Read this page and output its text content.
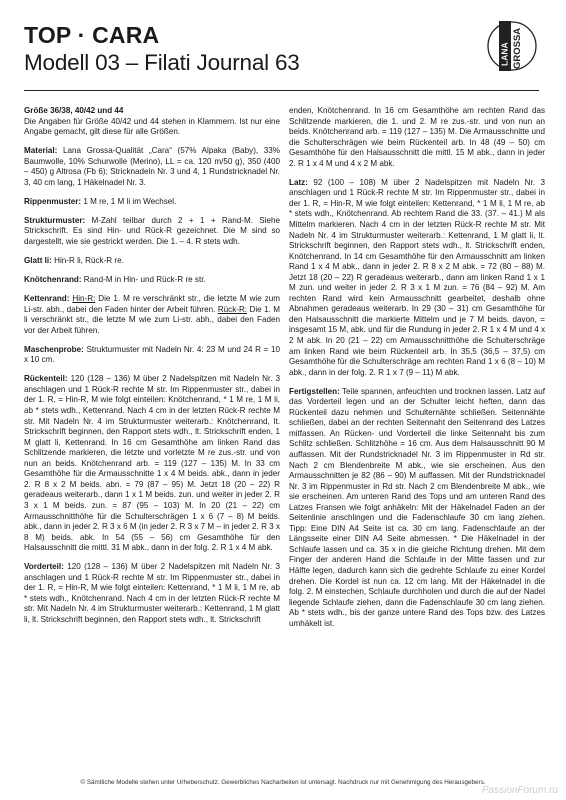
TOP · CARA
Modell 03 – Filati Journal 63	LANA GROSSA

Größe 36/38, 40/42 und 44
Die Angaben für Größe 40/42 und 44 stehen in Klammern. Ist nur eine Angabe gemacht, gilt diese für alle Größen.

Material: Lana Grossa-Qualität „Cara“ (57% Alpaka (Baby), 33% Baumwolle, 10% Schurwolle (Merino), LL = ca. 120 m/50 g), 350 (400 – 450) g Altrosa (Fb 6); Stricknadeln Nr. 3 und 4, 1 Rundstricknadel Nr. 3, 40 cm lang, 1 Häkelnadel Nr. 3.

Rippenmuster: 1 M re, 1 M li im Wechsel.

Strukturmuster: M-Zahl teilbar durch 2 + 1 + Rand-M. Siehe Strickschrift. Es sind Hin- und Rück-R gezeichnet. Die M sind so dargestellt, wie sie gestrickt werden. Die 1. – 4. R stets wdh.

Glatt li: Hin-R li, Rück-R re.

Knötchenrand: Rand-M in Hin- und Rück-R re str.

Kettenrand: Hin-R: Die 1. M re verschränkt str., die letzte M wie zum Li-str. abh., dabei den Faden hinter der Arbeit führen. Rück-R: Die 1. M li verschränkt str., die letzte M wie zum Li-str. abh., dabei den Faden vor der Arbeit führen.

Maschenprobe: Strukturmuster mit Nadeln Nr. 4: 23 M und 24 R = 10 x 10 cm.

Rückenteil: 120 (128 – 136) M über 2 Nadelspitzen mit Nadeln Nr. 3 anschlagen und 1 Rück-R rechte M str. Im Rippenmuster str., dabei in der 1. R, = Hin-R, M wie folgt einteilen: Knötchenrand, * 1 M re, 1 M li, ab * stets wdh., Kettenrand. Nach 4 cm in der letzten Rück-R rechte M str. Mit Nadeln Nr. 4 im Strukturmuster weiterarb.: Knötchenrand, lt. Strickschrift beginnen, den Rapport stets wdh., lt. Strickschrift enden, 1 M glatt li, Kettenrand. In 16 cm Gesamthöhe am linken Rand das Schlitzende markieren, die letzte und vorletzte M re zus.-str. und von nun an beids. Knötchenrand arb. = 119 (127 – 135) M. In 33 cm Gesamthöhe für die Armausschnitte 1 x 4 M beids. abk., dann in jeder 2. R 8 x 2 M beids. abn. = 79 (87 – 95) M. Jetzt 18 (20 – 22) R geradeaus weiterarb., dann 1 x 1 M beids. zun. und weiter in jeder 2. R 3 x 1 M beids. zun. = 87 (95 – 103) M. In 20 (21 – 22) cm Armausschnitthöhe für die Schulterschrägen 1 x 6 (7 – 8) M beids. abk., dann in jeder 2. R 3 x 6 M (in jeder 2. R 3 x 7 M – in jeder 2. R 3 x 8 M) beids. abk. In 54 (55 – 56) cm Gesamthöhe für den Halsausschnitt die mittl. 31 M abk., dann in der folg. 2. R 1 x 4 M abk.

Vorderteil: 120 (128 – 136) M über 2 Nadelspitzen mit Nadeln Nr. 3 anschlagen und 1 Rück-R rechte M str. Im Rippenmuster str., dabei in der 1. R, = Hin-R, M wie folgt einteilen: Kettenrand, * 1 M li, 1 M re, ab * stets wdh., Knötchenrand. Nach 4 cm in der letzten Rück-R rechte M str. Mit Nadeln Nr. 4 im Strukturmuster weiterarb.: Kettenrand, 1 M glatt li, lt. Strickschrift beginnen, den Rapport stets wdh., lt. Strickschrift

enden, Knötchenrand. In 16 cm Gesamthöhe am rechten Rand das Schlitzende markieren, die 1. und 2. M re zus.-str. und von nun an beids. Knötchenrand arb. = 119 (127 – 135) M. Die Armausschnitte und die Schulterschrägen wie beim Rückenteil arb. In 48 (49 – 50) cm Gesamthöhe für den Halsausschnitt die mittl. 15 M abk., dann in jeder 2. R 1 x 4 M und 4 x 2 M abk.

Latz: 92 (100 – 108) M über 2 Nadelspitzen mit Nadeln Nr. 3 anschlagen und 1 Rück-R rechte M str. Im Rippenmuster str., dabei in der 1. R, = Hin-R, M wie folgt einteilen: Kettenrand, * 1 M li, 1 M re, ab * stets wdh., Knötchenrand. Ab rechtem Rand die 33. (37. – 41.) M als Mittelm markieren. Nach 4 cm in der letzten Rück-R rechte M str. Mit Nadeln Nr. 4 im Strukturmuster weiterarb.: Kettenrand, 1 M glatt li, lt. Strickschrift beginnen, den Rapport stets wdh., lt. Strickschrift enden, Knötchenrand. In 14 cm Gesamthöhe für den Armausschnitt am linken Rand 1 x 4 M abk., dann in jeder 2. R 8 x 2 M abk. = 72 (80 – 88) M. Jetzt 18 (20 – 22) R geradeaus weiterarb., dann am linken Rand 1 x 1 M zun. und weiter in jeder 2. R 3 x 1 M zun. = 76 (84 – 92) M. Am rechten Rand wird kein Armausschnitt gearbeitet, deshalb ohne Abnahmen geradeaus weiterarb. In 29 (30 – 31) cm Gesamthöhe für den Halsausschnitt die markierte Mittelm und je 7 M beids. davon, = insgesamt 15 M, abk. und für die Rundung in jeder 2. R 1 x 4 M und 4 x 2 M abk. In 20 (21 – 22) cm Armausschnitthöhe die Schulterschräge am linken Rand wie beim Rückenteil arb. In 35,5 (36,5 – 37,5) cm Gesamthöhe für die Schulterschräge am rechten Rand 1 x 6 (8 – 10) M abk., dann in der folg. 2. R 1 x 7 (9 – 11) M abk.

Fertigstellen: Teile spannen, anfeuchten und trocknen lassen. Latz auf das Vorderteil legen und an der Schulter leicht heften, dann das Rückenteil dazu nehmen und Schulternähte schließen. Seitennähte schließen, dabei an der rechten Seitennaht den Seitenrand des Latzes mitfassen. An Rücken- und Vorderteil die linke Seitennaht bis zum Schlitz schließen. Schlitzhöhe = 16 cm. Aus dem Halsausschnitt 90 M auffassen. Mit der Rundstricknadel Nr. 3 im Rippenmuster in Rd str. Nach 2 cm Blendenbreite M abk., wie sie erscheinen. Aus den Armausschnitten je 82 (86 – 90) M auffassen. Mit der Rundstricknadel Nr. 3 im Rippenmuster in Rd str. Nach 2 cm Blendenbreite M abk., wie sie erscheinen. Am unteren Rand des Tops und am unteren Rand des Latzes Fransen wie folgt anhäkeln: Mit der Häkelnadel Faden an der Seitenlinie anschlingen und die Fadenschlaufe 30 cm lang ziehen. Tipp: Eine DIN A4 Seite ist ca. 30 cm lang. Fadenschlaufe an der Längsseite einer DIN A4 Seite abmessen. * Die Häkelnadel in der Schlaufe lassen und ca. 35 x in die gleiche Richtung drehen. Mit dem Finger der anderen Hand die Schlaufe in der Mitte fassen und zur Hälfte legen, dadurch kann sich die gedrehte Schlaufe zu einer Kordel drehen. Die Kordel ist nun ca. 12 cm lang. Mit der Häkelnadel in die folg. 2. M einstechen, Schlaufe durchholen und durch die auf der Nadel liegende Schlaufe ziehen, dann die Fadenschlaufe 30 cm lang ziehen. Ab * stets wdh., bis der ganze untere Rand des Tops bzw. des Latzes umhäkelt ist.

© Sämtliche Modelle stehen unter Urheberschutz. Gewerbliches Nacharbeiten ist untersagt. Nachdruck nur mit Genehmigung des Herausgebers.
PassionForum.ru
